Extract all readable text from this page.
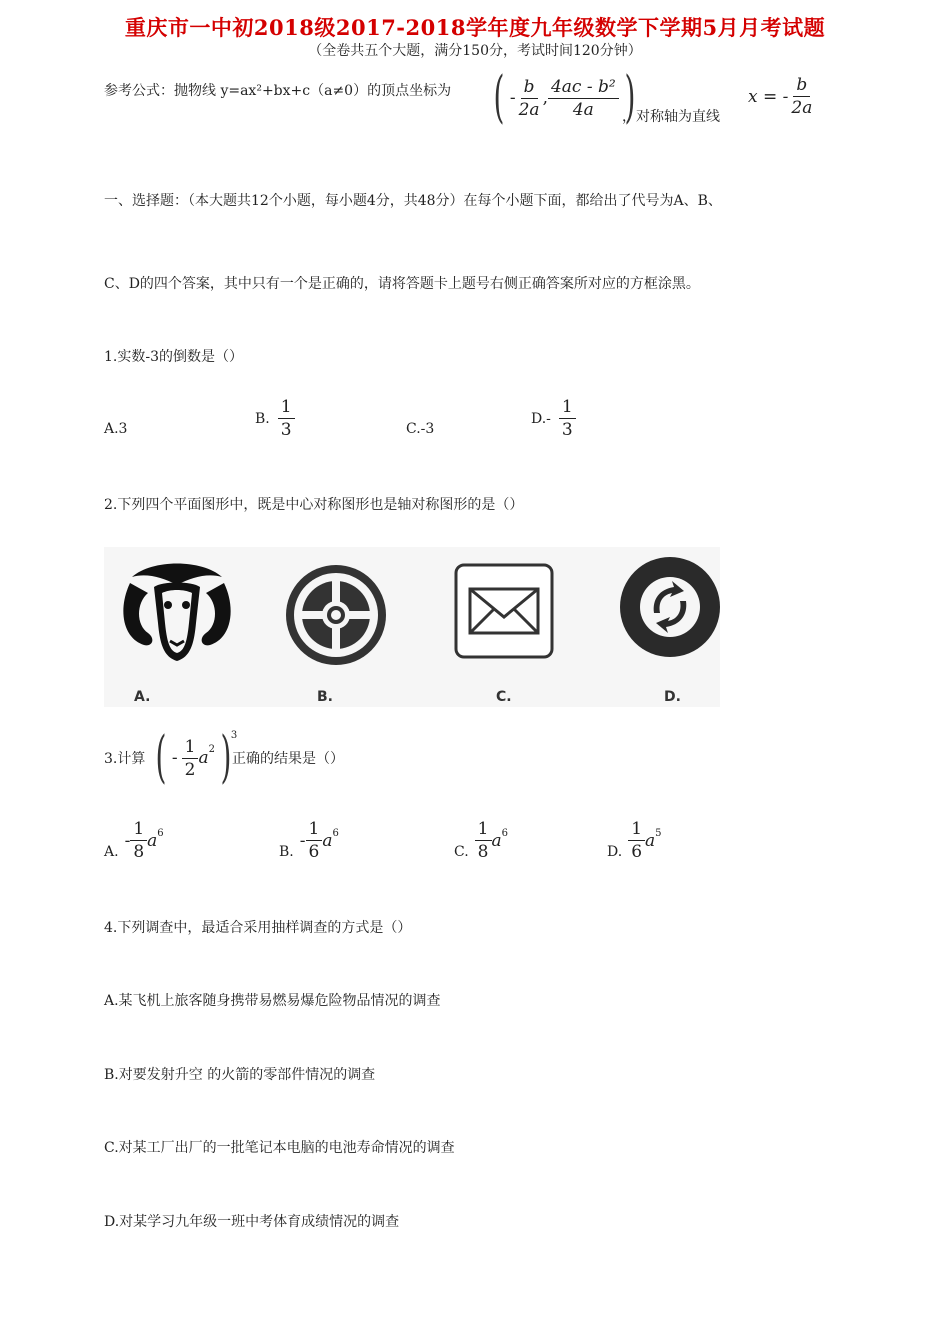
重庆市一中初2018级2017-2018学年度九年级数学下学期5月月考试题
（全卷共五个大题，满分150分，考试时间120分钟）
参考公式：抛物线 y=ax²+bx+c（a≠0）的顶点坐标为 ( - $\frac{b}{2a}$ , $\frac{\text{4ac - b²}}{4a}$ )
，对称轴为直线
x = - $\frac{b}{2a}$
一、选择题：（本大题共12个小题，每小题4分，共48分）在每个小题下面，都给出了代号为A、B、
C、D的四个答案，其中只有一个是正确的，请将答题卡上题号右侧正确答案所对应的方框涂黑。
1.实数-3的倒数是（）
A.3
B. $\frac{1}{3}$	C.-3
$D.- \frac{1}{3}$
2.下列四个平面图形中，既是中心对称图形也是轴对称图形的是（）
A.	B.	C.	D.
3.计算 ( - $\frac{1}{2} a^2$ )$^3$
正确的结果是（）
A.
- $\frac{1}{8} a^6$
B.
- $\frac{1}{6} a^6$
C. $\frac{1}{8} a^6$
D. $\frac{1}{6} a^5$
4.下列调查中，最适合采用抽样调查的方式是（）
A.某飞机上旅客随身携带易燃易爆危险物品情况的调查
B.对要发射升空 的火箭的零部件情况的调查
C.对某工厂出厂的一批笔记本电脑的电池寿命情况的调查
D.对某学习九年级一班中考体育成绩情况的调查
